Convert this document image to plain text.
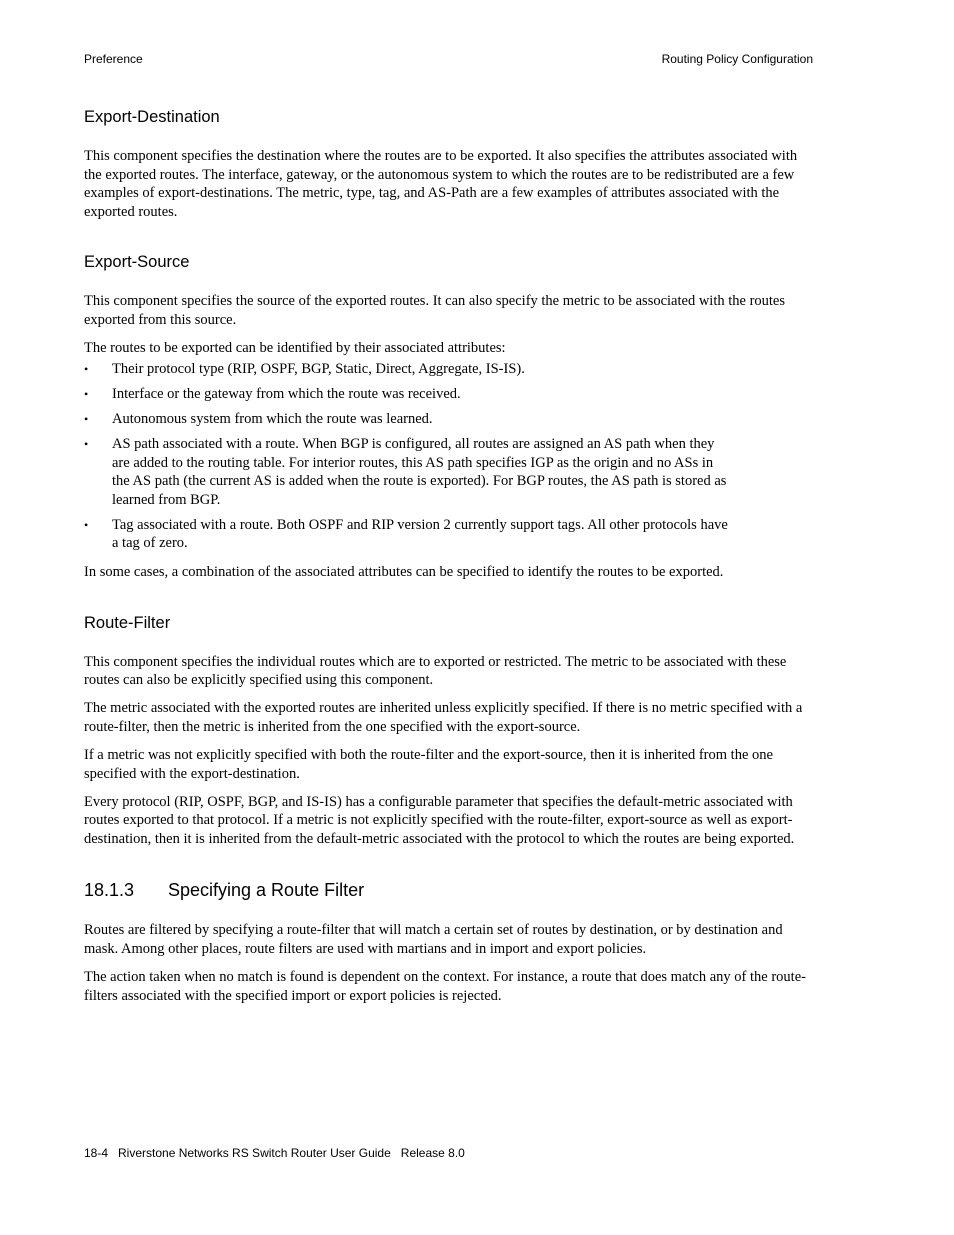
Preference	Routing Policy Configuration
Export-Destination

This component specifies the destination where the routes are to be exported. It also specifies the attributes associated with the exported routes. The interface, gateway, or the autonomous system to which the routes are to be redistributed are a few examples of export-destinations. The metric, type, tag, and AS-Path are a few examples of attributes associated with the exported routes.

Export-Source

This component specifies the source of the exported routes. It can also specify the metric to be associated with the routes exported from this source.

The routes to be exported can be identified by their associated attributes:

• Their protocol type (RIP, OSPF, BGP, Static, Direct, Aggregate, IS-IS).
• Interface or the gateway from which the route was received.
• Autonomous system from which the route was learned.
• AS path associated with a route. When BGP is configured, all routes are assigned an AS path when they are added to the routing table. For interior routes, this AS path specifies IGP as the origin and no ASs in the AS path (the current AS is added when the route is exported). For BGP routes, the AS path is stored as learned from BGP.
• Tag associated with a route. Both OSPF and RIP version 2 currently support tags. All other protocols have a tag of zero.

In some cases, a combination of the associated attributes can be specified to identify the routes to be exported.

Route-Filter

This component specifies the individual routes which are to exported or restricted. The metric to be associated with these routes can also be explicitly specified using this component.

The metric associated with the exported routes are inherited unless explicitly specified. If there is no metric specified with a route-filter, then the metric is inherited from the one specified with the export-source.

If a metric was not explicitly specified with both the route-filter and the export-source, then it is inherited from the one specified with the export-destination.

Every protocol (RIP, OSPF, BGP, and IS-IS) has a configurable parameter that specifies the default-metric associated with routes exported to that protocol. If a metric is not explicitly specified with the route-filter, export-source as well as export-destination, then it is inherited from the default-metric associated with the protocol to which the routes are being exported.

18.1.3 Specifying a Route Filter

Routes are filtered by specifying a route-filter that will match a certain set of routes by destination, or by destination and mask. Among other places, route filters are used with martians and in import and export policies.

The action taken when no match is found is dependent on the context. For instance, a route that does match any of the route-filters associated with the specified import or export policies is rejected.

18-4   Riverstone Networks RS Switch Router User Guide   Release 8.0
